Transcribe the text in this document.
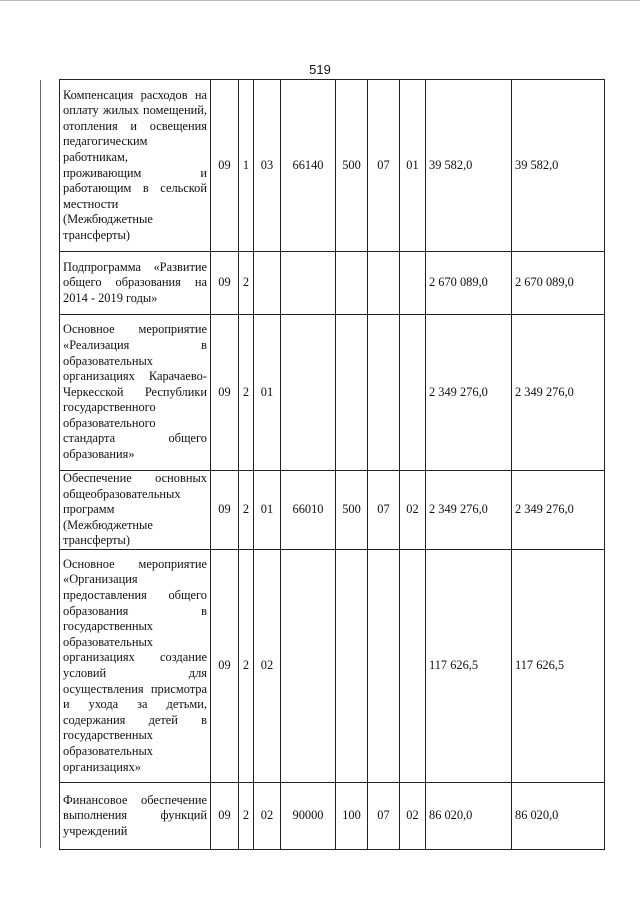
519
Компенсация расходов на оплату жилых помещений, отопления и освещения педагогическим работникам, проживающим и работающим в сельской местности (Межбюджетные трансферты)	09	1	03	66140	500	07	01	39 582,0	39 582,0
Подпрограмма «Развитие общего образования на 2014 - 2019 годы»	09	2						2 670 089,0	2 670 089,0
Основное мероприятие «Реализация в образовательных организациях Карачаево-Черкесской Республики государственного образовательного стандарта общего образования»	09	2	01					2 349 276,0	2 349 276,0
Обеспечение основных общеобразовательных программ (Межбюджетные трансферты)	09	2	01	66010	500	07	02	2 349 276,0	2 349 276,0
Основное мероприятие «Организация предоставления общего образования в государственных образовательных организациях создание условий для осуществления присмотра и ухода за детьми, содержания детей в государственных образовательных организациях»	09	2	02					117 626,5	117 626,5
Финансовое обеспечение выполнения функций учреждений	09	2	02	90000	100	07	02	86 020,0	86 020,0
